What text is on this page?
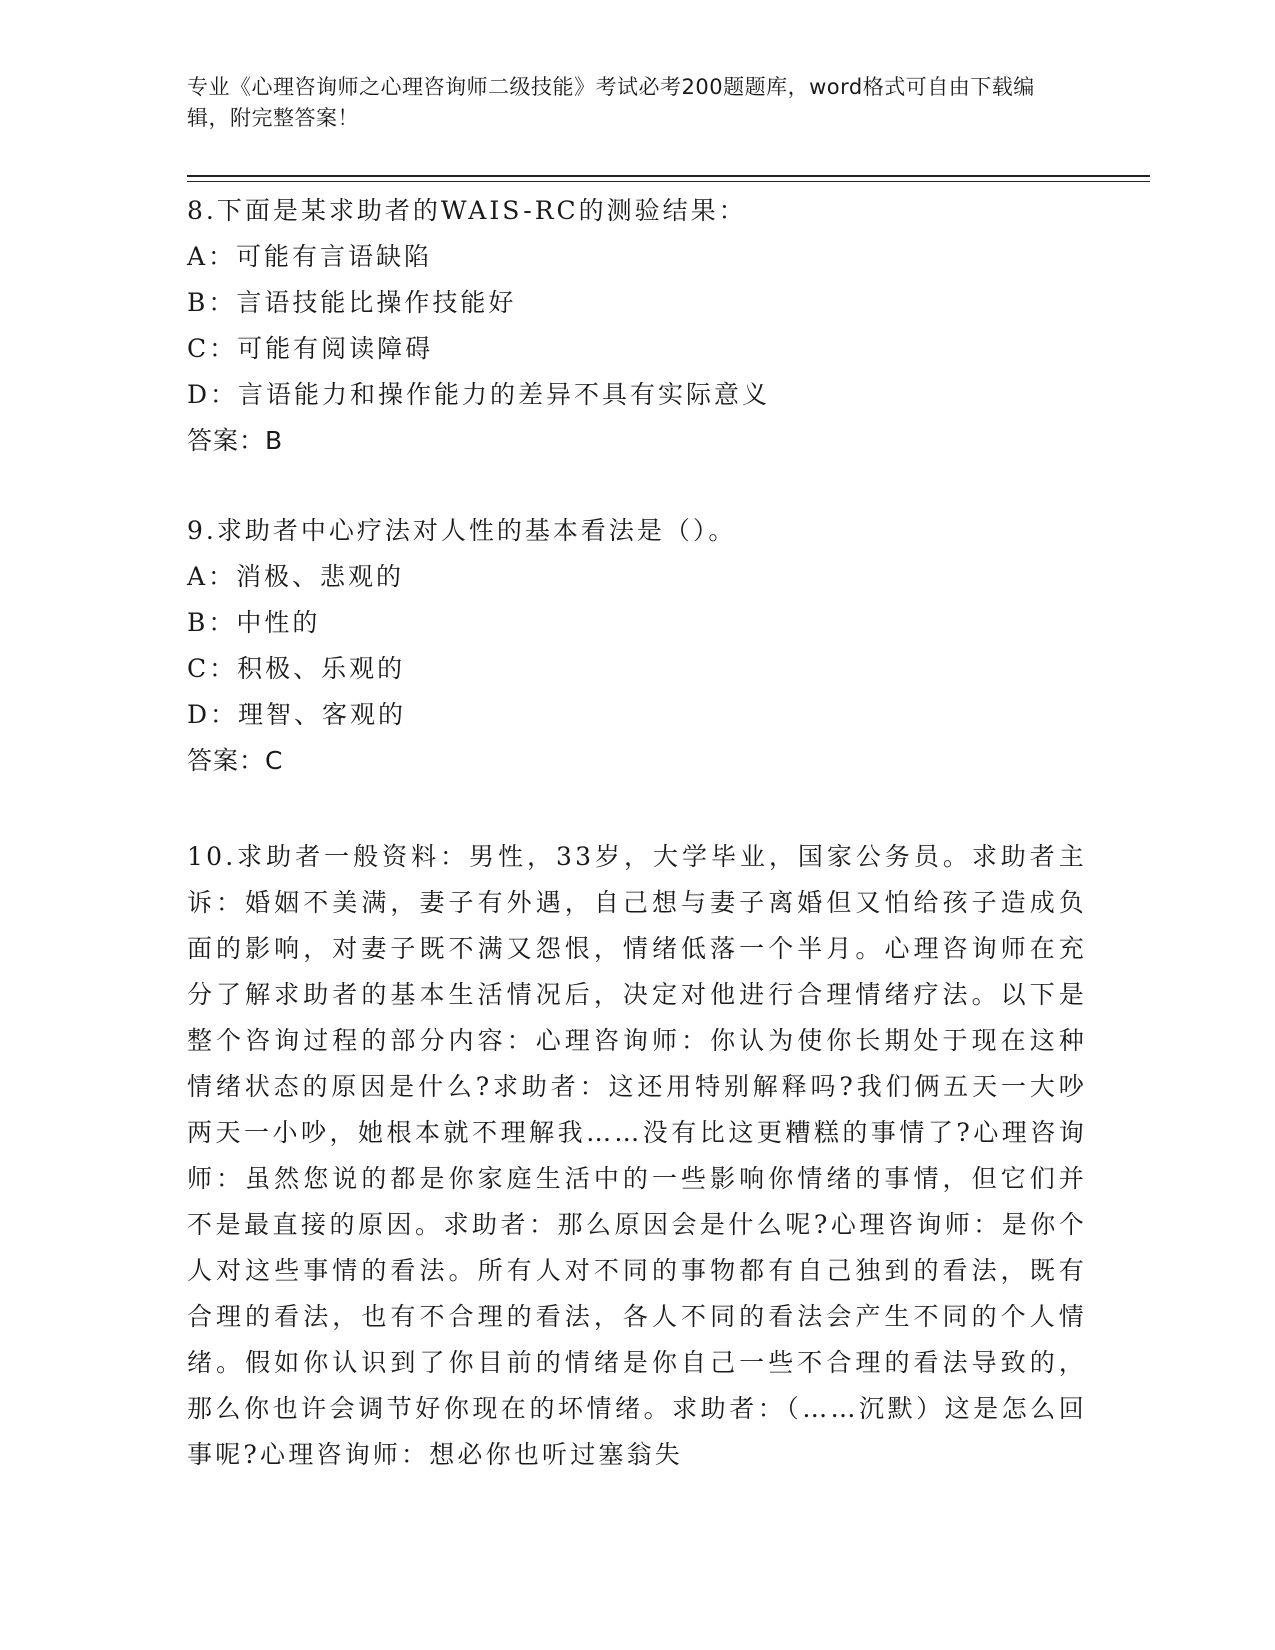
专业《心理咨询师之心理咨询师二级技能》考试必考200题题库，word格式可自由下载编辑，附完整答案！
8.下面是某求助者的WAIS-RC的测验结果：
A：可能有言语缺陷
B：言语技能比操作技能好
C：可能有阅读障碍
D：言语能力和操作能力的差异不具有实际意义
答案：B
9.求助者中心疗法对人性的基本看法是（）。
A：消极、悲观的
B：中性的
C：积极、乐观的
D：理智、客观的
答案：C
10.求助者一般资料：男性，33岁，大学毕业，国家公务员。求助者主诉：婚姻不美满，妻子有外遇，自己想与妻子离婚但又怕给孩子造成负面的影响，对妻子既不满又怨恨，情绪低落一个半月。心理咨询师在充分了解求助者的基本生活情况后，决定对他进行合理情绪疗法。以下是整个咨询过程的部分内容：心理咨询师：你认为使你长期处于现在这种情绪状态的原因是什么?求助者：这还用特别解释吗?我们俩五天一大吵两天一小吵，她根本就不理解我……没有比这更糟糕的事情了?心理咨询师：虽然您说的都是你家庭生活中的一些影响你情绪的事情，但它们并不是最直接的原因。求助者：那么原因会是什么呢?心理咨询师：是你个人对这些事情的看法。所有人对不同的事物都有自己独到的看法，既有合理的看法，也有不合理的看法，各人不同的看法会产生不同的个人情绪。假如你认识到了你目前的情绪是你自己一些不合理的看法导致的，那么你也许会调节好你现在的坏情绪。求助者：（……沉默）这是怎么回事呢?心理咨询师：想必你也听过塞翁失
